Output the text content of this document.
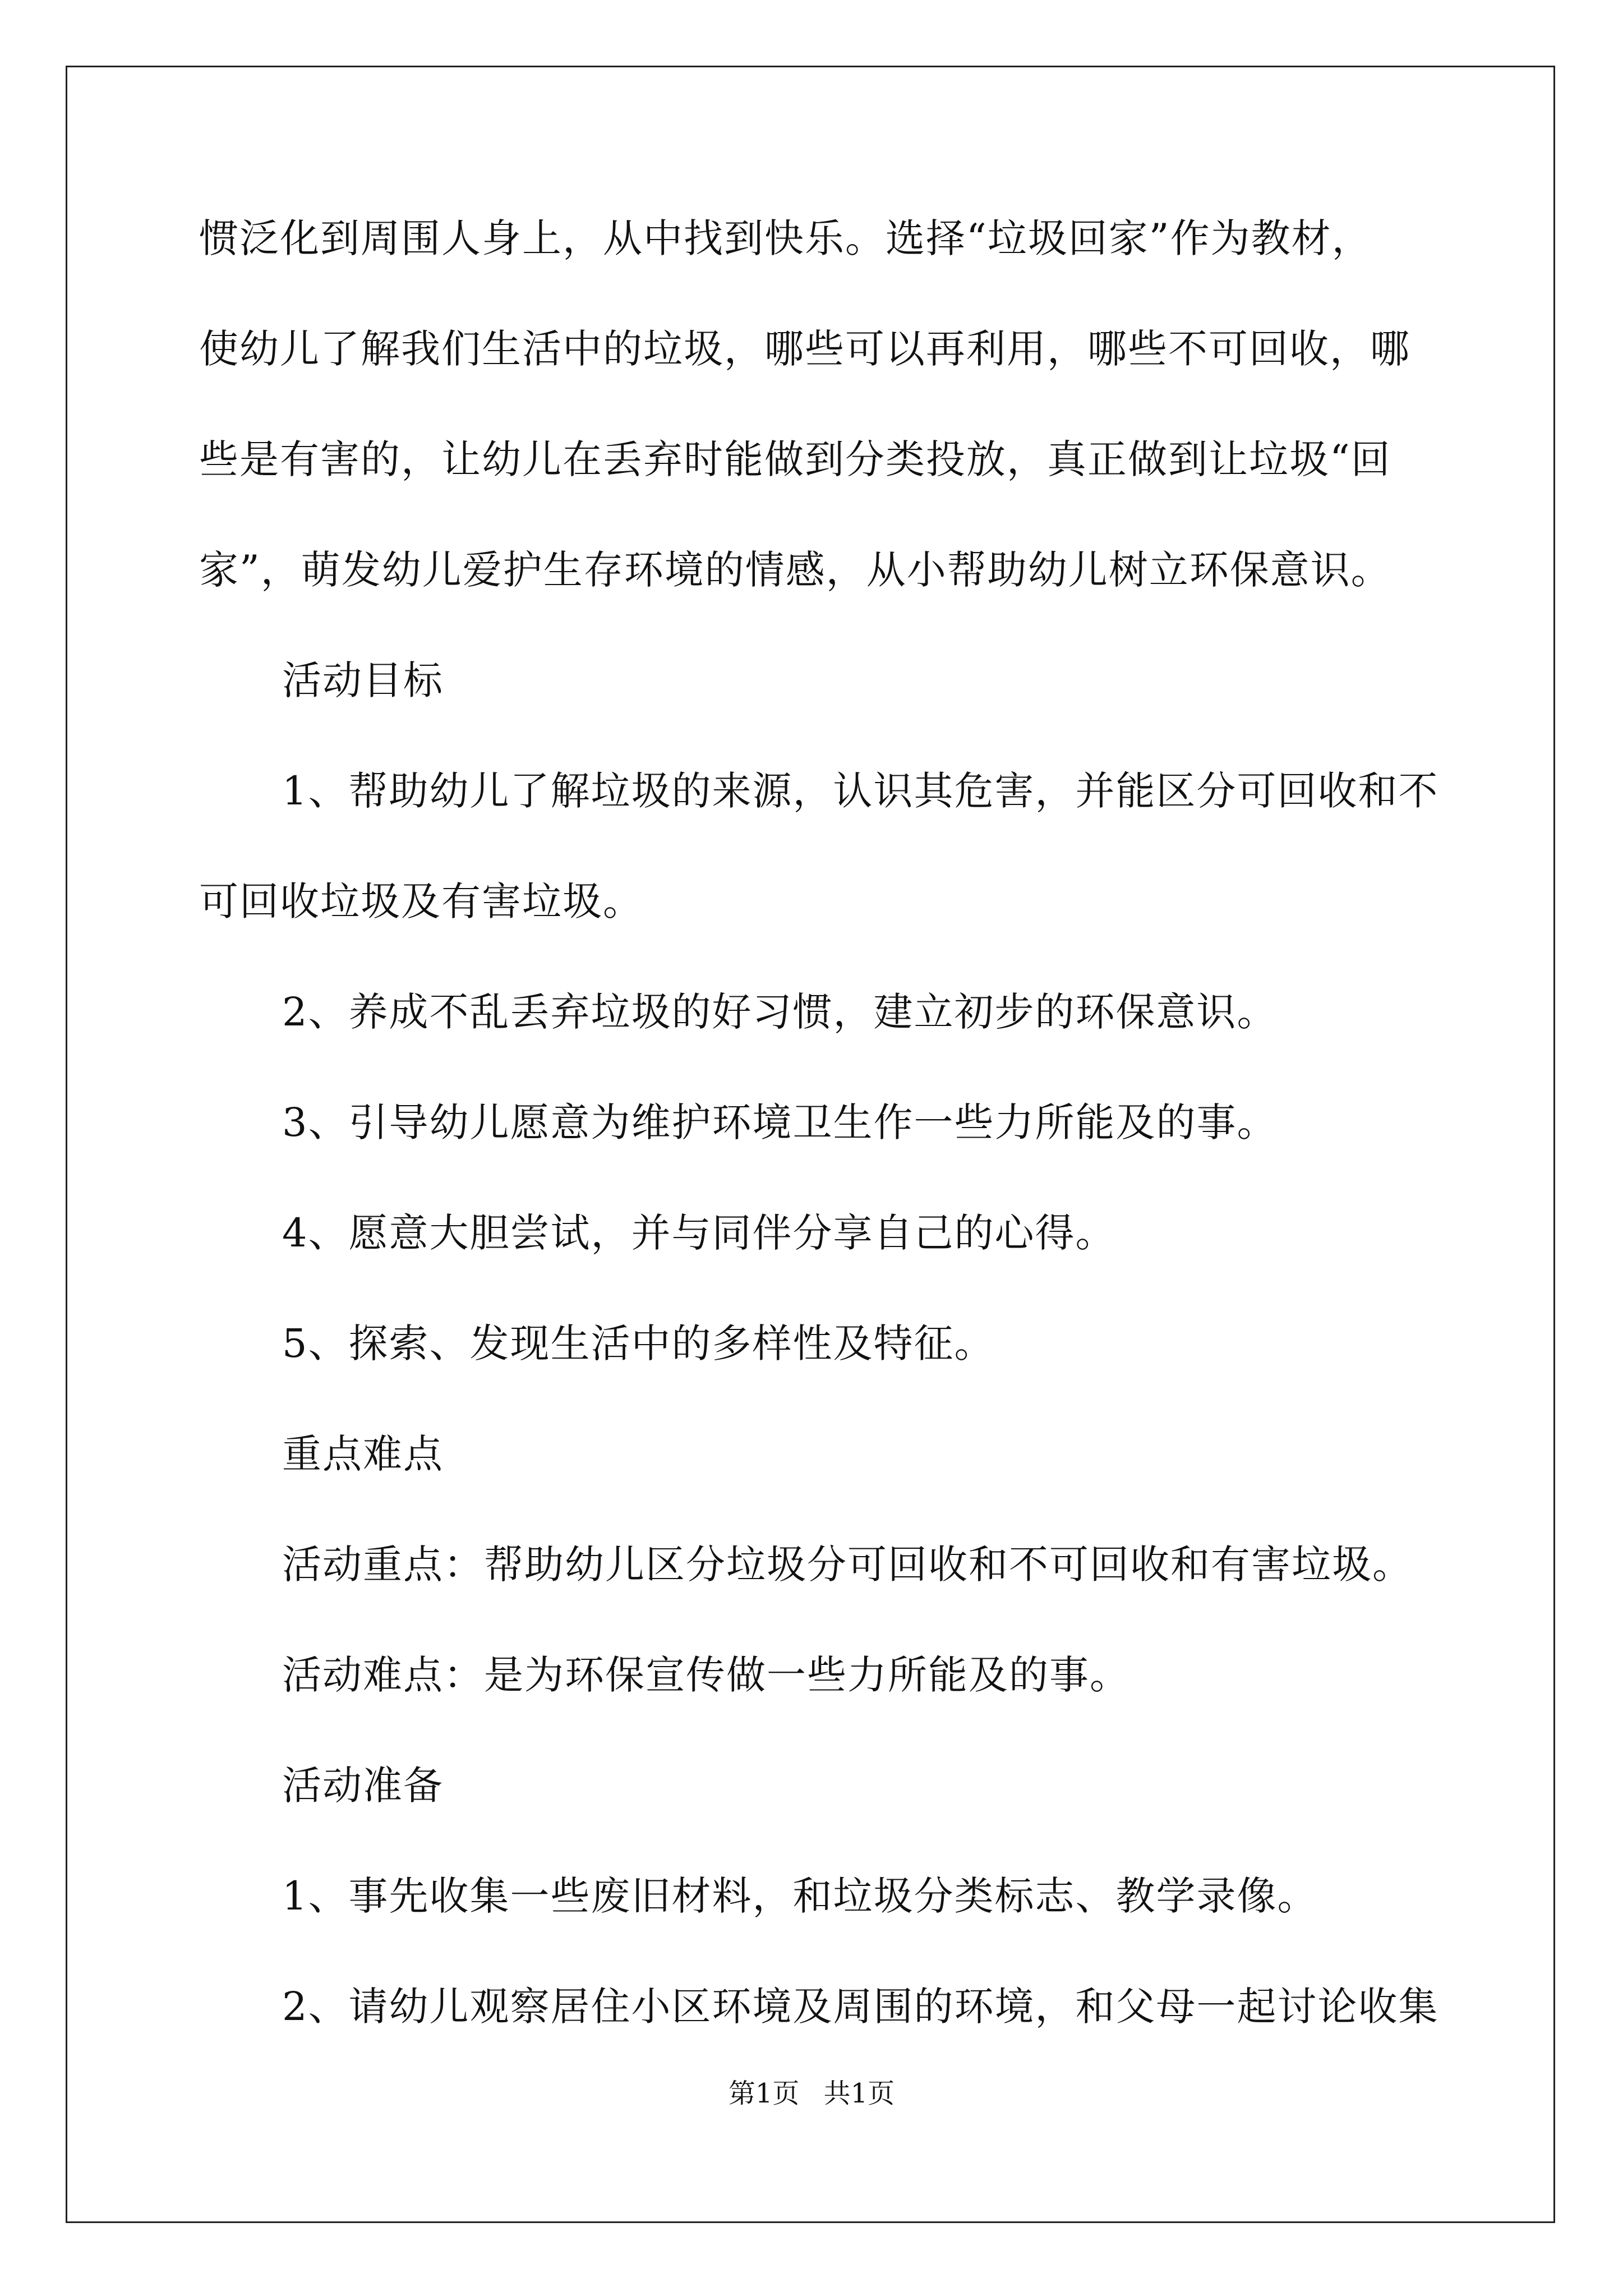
惯泛化到周围人身上，从中找到快乐。选择“垃圾回家”作为教材，
使幼儿了解我们生活中的垃圾，哪些可以再利用，哪些不可回收，哪
些是有害的，让幼儿在丢弃时能做到分类投放，真正做到让垃圾“回
家”，萌发幼儿爱护生存环境的情感，从小帮助幼儿树立环保意识。
活动目标
1、帮助幼儿了解垃圾的来源，认识其危害，并能区分可回收和不
可回收垃圾及有害垃圾。
2、养成不乱丢弃垃圾的好习惯，建立初步的环保意识。
3、引导幼儿愿意为维护环境卫生作一些力所能及的事。
4、愿意大胆尝试，并与同伴分享自己的心得。
5、探索、发现生活中的多样性及特征。
重点难点
活动重点：帮助幼儿区分垃圾分可回收和不可回收和有害垃圾。
活动难点：是为环保宣传做一些力所能及的事。
活动准备
1、事先收集一些废旧材料，和垃圾分类标志、教学录像。
2、请幼儿观察居住小区环境及周围的环境，和父母一起讨论收集
第1页 共1页
